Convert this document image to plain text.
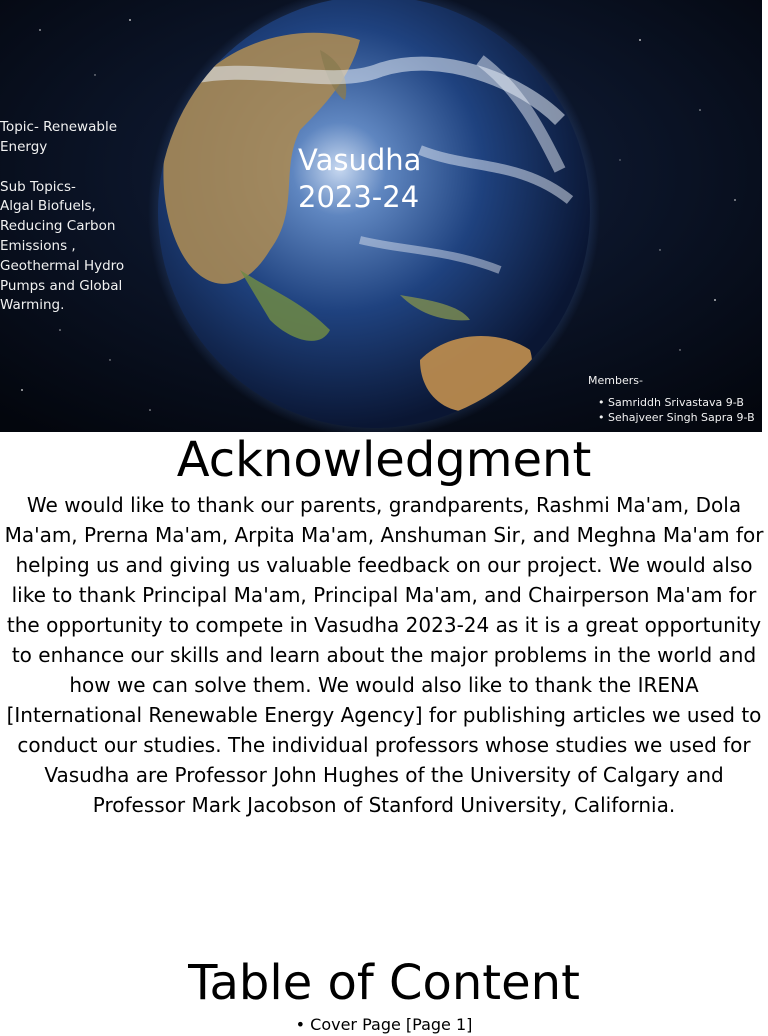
Topic- Renewable Energy

Sub Topics-

Algal Biofuels, Reducing Carbon Emissions , Geothermal Hydro Pumps and Global Warming.

Vasudha
2023-24
Members-
• Samriddh Srivastava 9-B
• Sehajveer Singh Sapra 9-B
Acknowledgment

We would like to thank our parents, grandparents, Rashmi Ma'am, Dola Ma'am, Prerna Ma'am, Arpita Ma'am, Anshuman Sir, and Meghna Ma'am for helping us and giving us valuable feedback on our project. We would also like to thank Principal Ma'am, Principal Ma'am, and Chairperson Ma'am for the opportunity to compete in Vasudha 2023-24 as it is a great opportunity to enhance our skills and learn about the major problems in the world and how we can solve them. We would also like to thank the IRENA [International Renewable Energy Agency] for publishing articles we used to conduct our studies. The individual professors whose studies we used for Vasudha are Professor John Hughes of the University of Calgary and Professor Mark Jacobson of Stanford University, California.

Table of Content
• Cover Page [Page 1]
